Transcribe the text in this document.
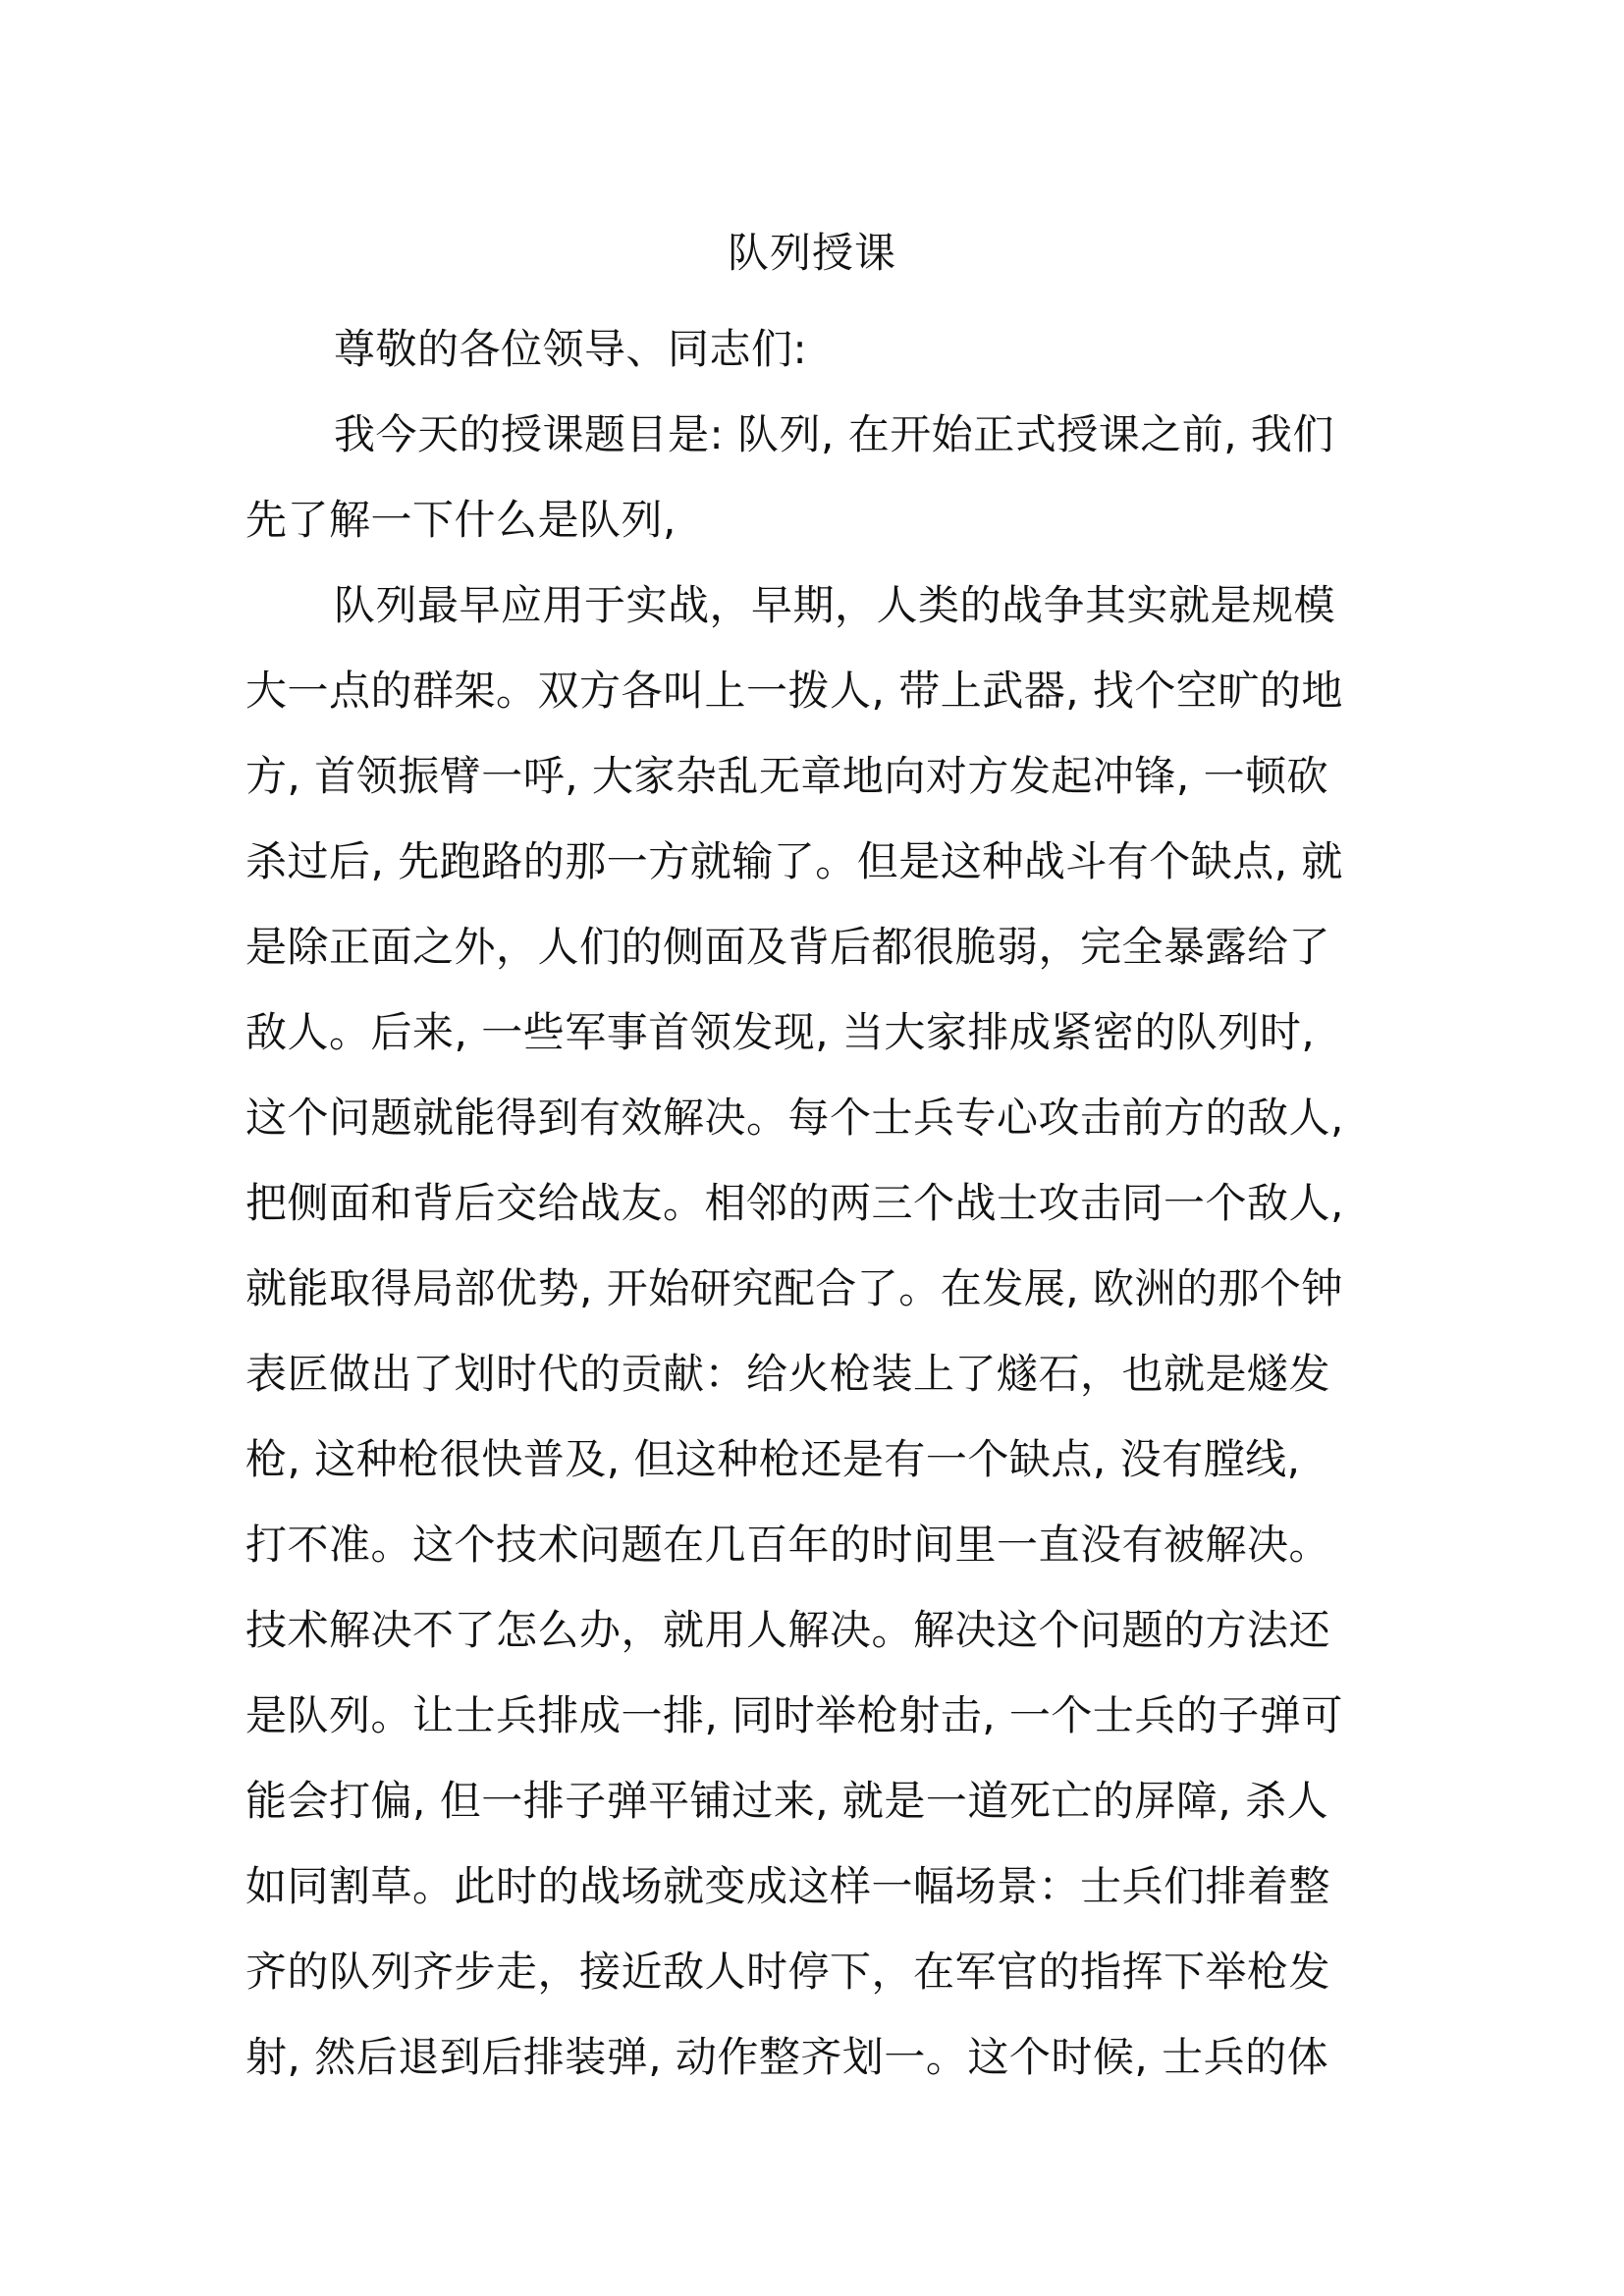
队列授课
尊敬的各位领导、同志们:
我今天的授课题目是: 队列, 在开始正式授课之前, 我们
先了解一下什么是队列,
队列最早应用于实战，早期，人类的战争其实就是规模
大一点的群架。双方各叫上一拨人, 带上武器, 找个空旷的地
方, 首领振臂一呼, 大家杂乱无章地向对方发起冲锋, 一顿砍
杀过后, 先跑路的那一方就输了。但是这种战斗有个缺点, 就
是除正面之外，人们的侧面及背后都很脆弱，完全暴露给了
敌人。后来, 一些军事首领发现, 当大家排成紧密的队列时,
这个问题就能得到有效解决。每个士兵专心攻击前方的敌人,
把侧面和背后交给战友。相邻的两三个战士攻击同一个敌人,
就能取得局部优势, 开始研究配合了。在发展, 欧洲的那个钟
表匠做出了划时代的贡献：给火枪装上了燧石，也就是燧发
枪, 这种枪很快普及, 但这种枪还是有一个缺点, 没有膛线,
打不准。这个技术问题在几百年的时间里一直没有被解决。
技术解决不了怎么办，就用人解决。解决这个问题的方法还
是队列。让士兵排成一排, 同时举枪射击, 一个士兵的子弹可
能会打偏, 但一排子弹平铺过来, 就是一道死亡的屏障, 杀人
如同割草。此时的战场就变成这样一幅场景：士兵们排着整
齐的队列齐步走，接近敌人时停下，在军官的指挥下举枪发
射, 然后退到后排装弹, 动作整齐划一。这个时候, 士兵的体
